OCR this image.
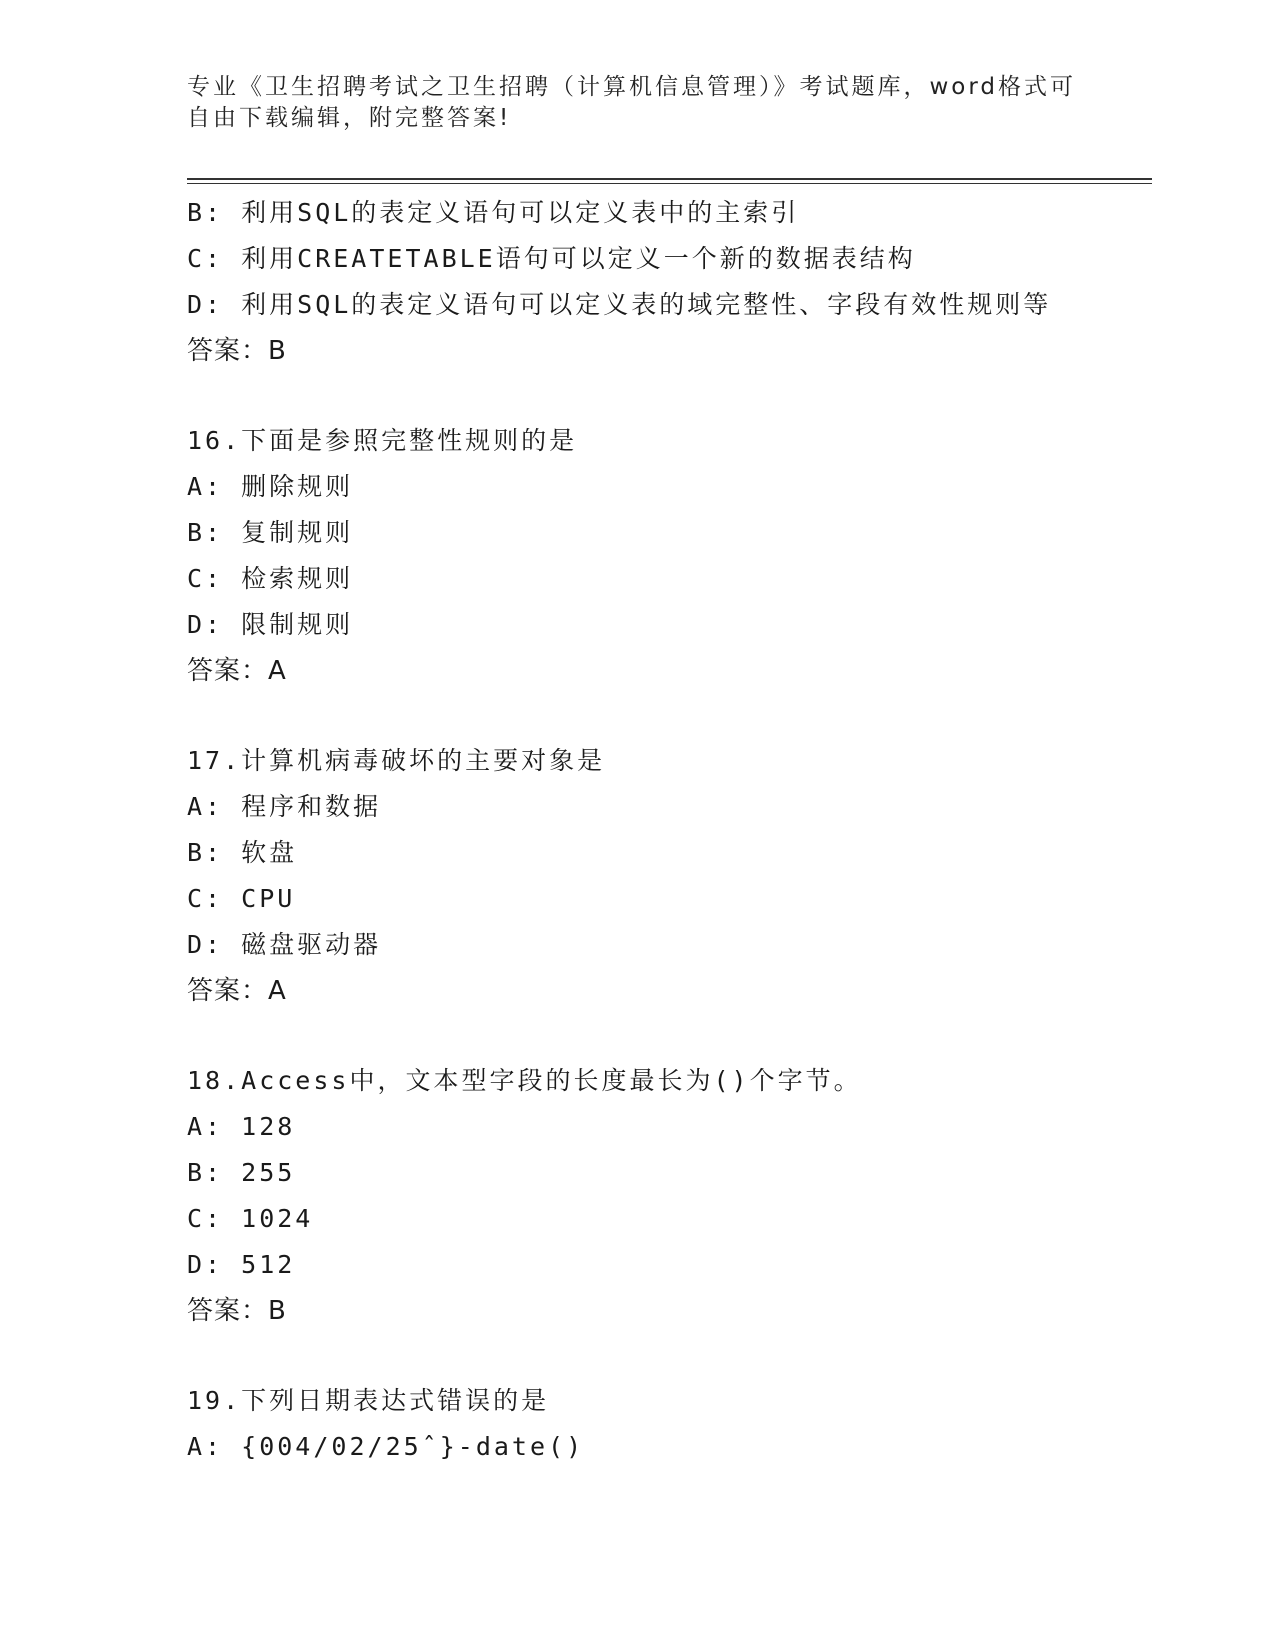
专业《卫生招聘考试之卫生招聘（计算机信息管理）》考试题库，word格式可自由下载编辑，附完整答案!
B: 利用SQL的表定义语句可以定义表中的主索引
C: 利用CREATETABLE语句可以定义一个新的数据表结构
D: 利用SQL的表定义语句可以定义表的域完整性、字段有效性规则等
答案：B
16.下面是参照完整性规则的是
A: 删除规则
B: 复制规则
C: 检索规则
D: 限制规则
答案：A
17.计算机病毒破坏的主要对象是
A: 程序和数据
B: 软盘
C: CPU
D: 磁盘驱动器
答案：A
18.Access中，文本型字段的长度最长为()个字节。
A: 128
B: 255
C: 1024
D: 512
答案：B
19.下列日期表达式错误的是
A: {004/02/25ˆ}-date()
